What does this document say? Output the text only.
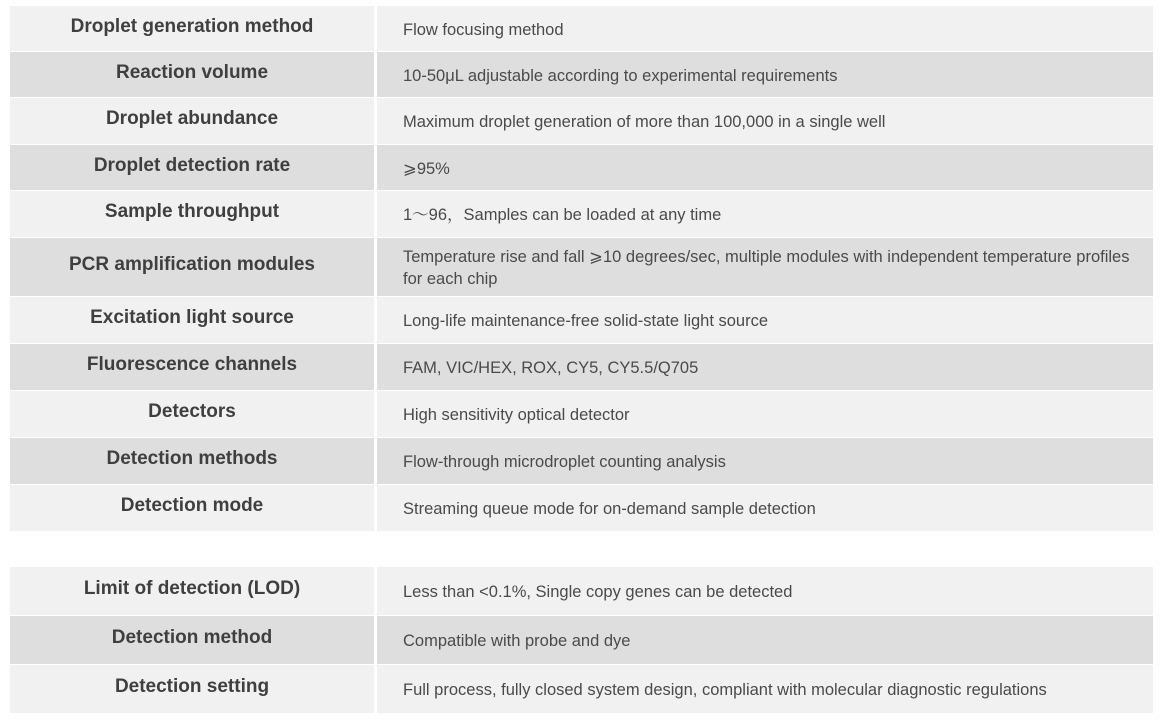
Droplet generation method	Flow focusing method
Reaction volume	10-50μL adjustable according to experimental requirements
Droplet abundance	Maximum droplet generation of more than 100,000 in a single well
Droplet detection rate	⩾95%
Sample throughput	1～96，Samples can be loaded at any time
PCR amplification modules	Temperature rise and fall ⩾10 degrees/sec, multiple modules with independent temperature profiles for each chip
Excitation light source	Long-life maintenance-free solid-state light source
Fluorescence channels	FAM, VIC/HEX, ROX, CY5, CY5.5/Q705
Detectors	High sensitivity optical detector
Detection methods	Flow-through microdroplet counting analysis
Detection mode	Streaming queue mode for on-demand sample detection
Limit of detection (LOD)	Less than <0.1%, Single copy genes can be detected
Detection method	Compatible with probe and dye
Detection setting	Full process, fully closed system design, compliant with molecular diagnostic regulations
